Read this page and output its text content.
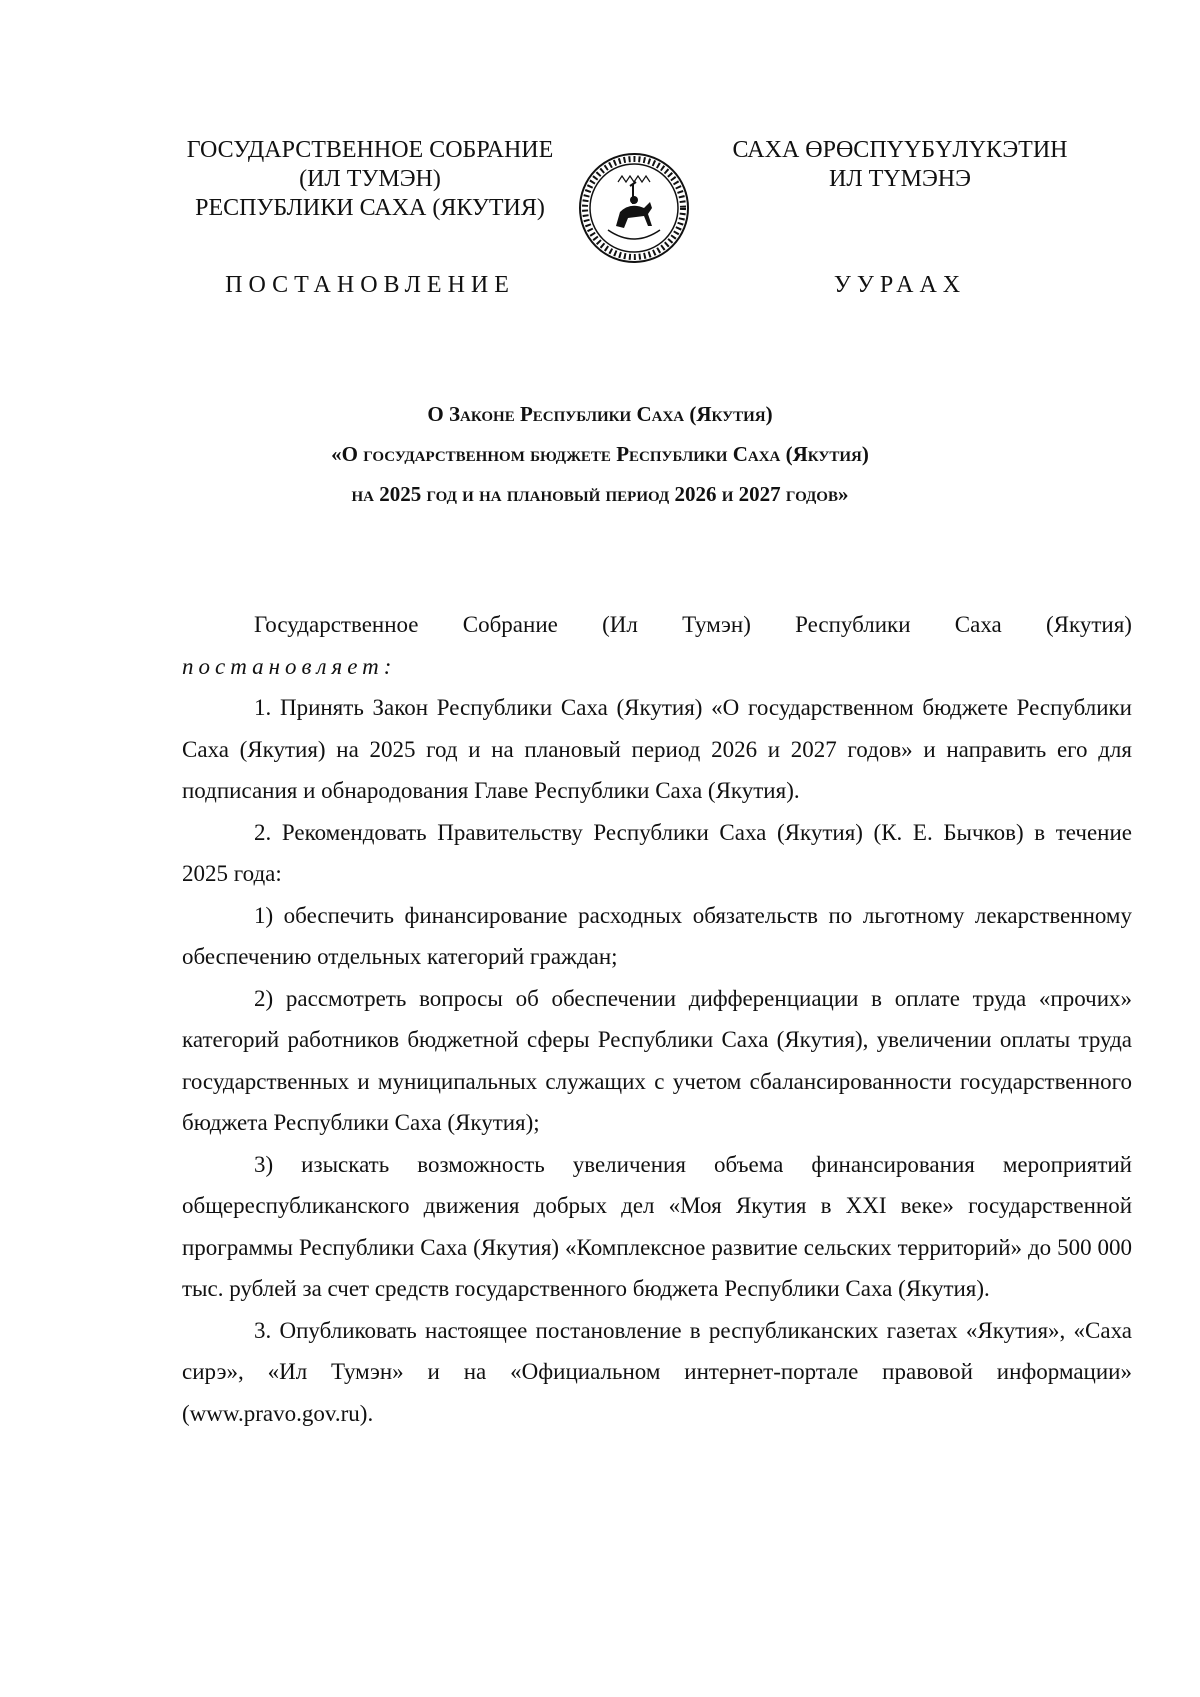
ГОСУДАРСТВЕННОЕ СОБРАНИЕ
(ИЛ ТУМЭН)
РЕСПУБЛИКИ САХА (ЯКУТИЯ)
САХА ӨРӨСПҮҮБҮЛҮКЭТИН
ИЛ ТҮМЭНЭ
ПОСТАНОВЛЕНИЕ	УУРААХ
О Законе Республики Саха (Якутия)
«О государственном бюджете Республики Саха (Якутия)
на 2025 год и на плановый период 2026 и 2027 годов»
Государственное Собрание (Ил Тумэн) Республики Саха (Якутия)

постановляет:

1. Принять Закон Республики Саха (Якутия) «О государственном бюджете Республики Саха (Якутия) на 2025 год и на плановый период 2026 и 2027 годов» и направить его для подписания и обнародования Главе Республики Саха (Якутия).

2. Рекомендовать Правительству Республики Саха (Якутия) (К. Е. Бычков) в течение 2025 года:

1) обеспечить финансирование расходных обязательств по льготному лекарственному обеспечению отдельных категорий граждан;

2) рассмотреть вопросы об обеспечении дифференциации в оплате труда «прочих» категорий работников бюджетной сферы Республики Саха (Якутия), увеличении оплаты труда государственных и муниципальных служащих с учетом сбалансированности государственного бюджета Республики Саха (Якутия);

3) изыскать возможность увеличения объема финансирования мероприятий общереспубликанского движения добрых дел «Моя Якутия в XXI веке» государственной программы Республики Саха (Якутия) «Комплексное развитие сельских территорий» до 500 000 тыс. рублей за счет средств государственного бюджета Республики Саха (Якутия).

3. Опубликовать настоящее постановление в республиканских газетах «Якутия», «Саха сирэ», «Ил Тумэн» и на «Официальном интернет-портале правовой информации» (www.pravo.gov.ru).
